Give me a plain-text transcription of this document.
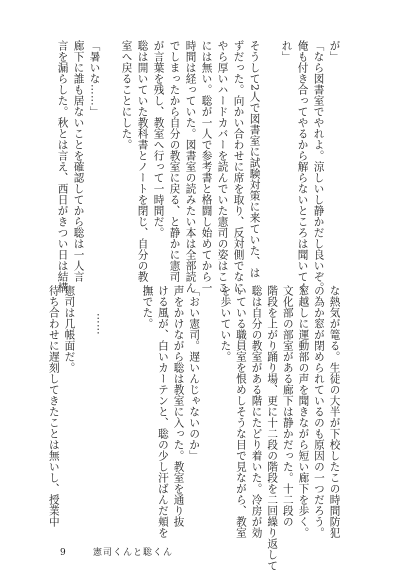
が」
「なら図書室でやれよ。涼しいし静かだし良いぞ。
俺も付き合ってやるから解らないところは聞いてく
れ」
そうして2人で図書室に試験対策に来ていた、は
ずだった。向かい合わせに席を取り、反対側でなに
やら厚いハードカバーを読んでいた憲司の姿はここ
には無い。聡が一人で参考書と格闘し始めてから一
時間は経っていた。図書室の読みたい本は全部読ん
でしまったから自分の教室に戻る、と静かに憲司
が言葉を残し、教室へ行って一時間だ。
聡は開いていた教科書とノートを閉じ、自分の教
室へ戻ることにした。
「暑いな……」
廊下に誰も居ないことを確認してから聡は一人言
言を漏らした。秋とは言え、西日がきつい日は結構
な熱気が篭る。生徒の大半が下校したこの時間防犯
の為か窓が閉められているのも原因の一つだろう。
窓越しに運動部の声を聞きながら短い廊下を歩く。
文化部の部室がある廊下は静かだった。十二段の
階段を上がり踊り場、更に十二段の階段を二回繰り返して
聡は自分の教室がある階にたどり着いた。冷房が効
いている職員室を恨めしそうな目で見ながら、教室
を歩いていた。
「おい憲司。遅いんじゃないのか」
声をかけながら聡は教室に入った。教室を通り抜
ける風が、白いカーテンと、聡の少し汗ばんだ頬を
撫でた。
……
憲司は几帳面だ。
待ち合わせに遅刻してきたことは無いし、授業中
9	憲司くんと聡くん
